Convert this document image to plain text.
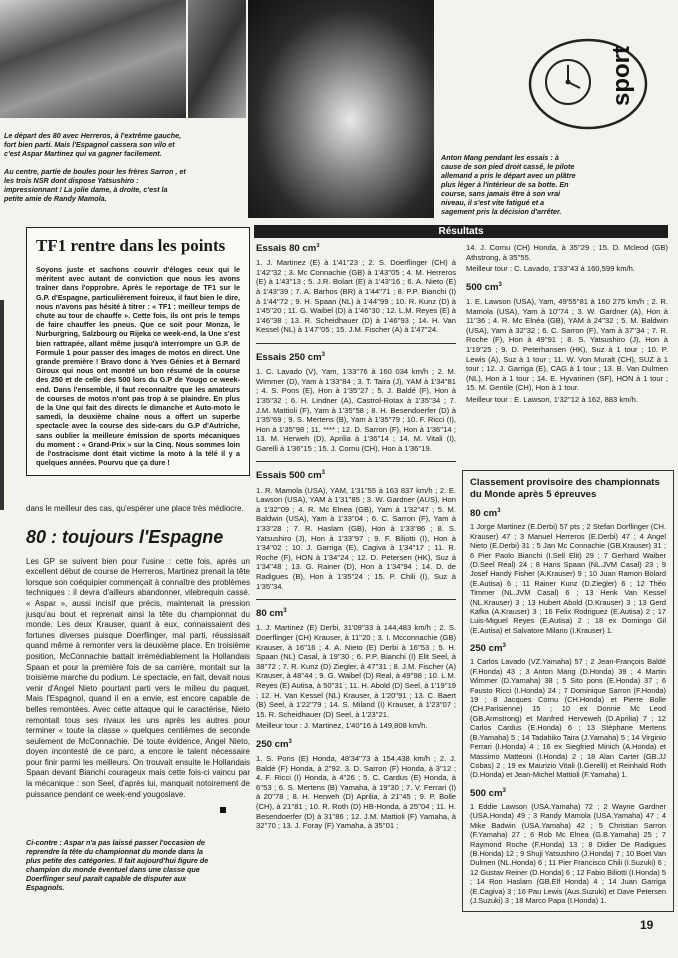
sport
Le départ des 80 avec Herreros, à l'extrême gauche,
fort bien parti. Mais l'Espagnol cassera son vilo et
c'est Aspar Martinez qui va gagner facilement.
Au centre, partie de boules pour les frères Sarron , et
les trois NSR dont dispose Yatsushiro :
impressionnant ! La jolie dame, à droite, c'est la
petite amie de Randy Mamola.
Anton Mang pendant les essais : à
cause de son pied droit cassé, le pilote
allemand a pris le départ avec un plâtre
plus léger à l'intérieur de sa botte. En
course, sans jamais être à son vrai
niveau, il s'est vite fatigué et a
sagement pris la décision d'arrêter.
TF1 rentre dans les points
Soyons juste et sachons couvrir d'éloges ceux qui le méritent avec autant de conviction que nous les avons traîner dans l'opprobre. Après le reportage de TF1 sur le G.P. d'Espagne, particulièrement foireux, il faut bien le dire, nous n'avons pas hésité à titrer : « TF1 : meilleur temps de chute au tour de chauffe ». Cette fois, ils ont pris le temps de faire chauffer les pneus. Que ce soit pour Monza, le Nurburgring, Salzbourg ou Rijeka ce week-end, la Une s'est bien rattrapée, allant même jusqu'à interrompre un G.P. de Formule 1 pour passer des images de motos en direct. Une grande première ! Bravo donc à Yves Génies et à Bernard Giroux qui nous ont montré un bon résumé de la course des 250 et de celle des 500 lors du G.P de Yougo ce week-end. Dans l'ensemble, il faut reconnaître que les amateurs de courses de motos n'ont pas trop à se plaindre. En plus de la Une qui fait des directs le dimanche et Auto-moto le samedi, la deuxième chaîne nous a offert un superbe spectacle avec la course des side-cars du G.P d'Autriche, sans oublier la meilleure émission de sports mécaniques du moment : « Grand-Prix » sur la Cinq. Nous sommes loin de l'ostracisme dont était victime la moto à la télé il y a quelques années. Pourvu que ça dure !
dans le meilleur des cas, qu'espérer une place très médiocre.
80 : toujours l'Espagne
Les GP se suivent bien pour l'usine : cette fois, après un excellent début de course de Herreros, Martinez prenait la tête lorsque son coéquipier commençait à connaître des problèmes techniques : il devra d'ailleurs abandonner, vilebrequin cassé. « Aspar », aussi incisif que précis, maintenait la pression jusqu'au bout et reprenait ainsi la tête du championnat du monde. Les deux Krauser, quant à eux, connaissaient des fortunes diverses puisque Doerflinger, mal parti, réussissait quand même à remonter vers la deuxième place. En troisième position, McConnachie battait irrémédiablement la Hollandais Spaan et pour la première fois de sa carrière, montait sur la troisième marche du podium. Le spectacle, en fait, devait nous venir d'Angel Nieto pourtant parti vers le milieu du paquet. Mais l'Espagnol, quand il en a envie, est encore capable de belles remontées. Avec cette attaque qui le caractérise, Nieto remontait tous ses rivaux les uns après les autres pour terminer « toute la classe » quelques centièmes de seconde seulement de McConnachie. De toute évidence, Angel Nieto, doyen incontesté de ce parc, a encore le talent nécessaire pour finir parmi les meilleurs. On trouvait ensuite le Hollandais Spaan devant Bianchi courageux mais cette fois-ci vaincu par la mécanique : son Seel, d'après lui, manquait notoirement de puissance pendant ce week-end yougoslave.
Ci-contre : Aspar n'a pas laissé passer l'occasion de
reprendre la tête du championnat du monde dans la
plus petite des catégories. Il fait aujourd'hui figure de
champion du monde éventuel dans une classe que
Doerflinger seul paraît capable de disputer aux
Espagnols.
Résultats
Essais 80 $cm^3$
1. J. Martinez (E) à 1'41''23 ; 2. S. Doerflinger (CH) à 1'42''32 ; 3. Mc Connachie (GB) à 1'43''05 ; 4. M. Herreros (E) à 1'43''13 ; 5. J.R. Bolart (E) à 1'43''16 ; 6. A. Nieto (E) à 1'43''39 ; 7. A. Barhos (BR) à 1'44''71 ; 8. P.P. Bianchi (I) à 1'44''72 ; 9. H. Spaan (NL) à 1'44''99 ; 10. R. Kunz (D) à 1'45''20 ; 11. G. Waibel (D) à 1'46''30 ; 12. L.M. Reyes (E) à 1'46''38 ; 13. R. Scheidhauer (D) à 1'46''93 ; 14. H. Van Kessel (NL) à 1'47''05 ; 15. J.M. Fischer (A) à 1'47''24.
Essais 250 $cm^3$
1. C. Lavado (V), Yam, 1'33''76 à 160 034 km/h ; 2. M. Wimmer (D), Yam à 1'33''84 ; 3. T. Taira (J), YAM à 1'34''81 ; 4. S. Pons (E), Hon à 1'35''27 ; 5. J. Baldé (F), Hon à 1'35''32 ; 6. H. Lindner (A), Castrol-Rotax à 1'35''34 ; 7. J.M. Mattioli (F), Yam à 1'35''58 ; 8. H. Besendoerfer (D) à 1'35''69 ; 9. S. Mertens (B), Yam à 1'35''79 ; 10. F. Ricci (I), Hon à 1'35''98 ; 11. **** ; 12. D. Sarron (F), Hon à 1'36''14 ; 13. M. Herweh (D), Aprilia à 1'36''14 ; 14. M. Vitali (I), Garelli à 1'36''15 ; 15. J. Cornu (CH), Hon à 1'36''19.
Essais 500 $cm^3$
1. R. Mamola (USA), YAM, 1'31''55 à 163 837 km/h ; 2. E. Lawson (USA), YAM à 1'31''85 ; 3. W. Gardner (AUS), Hon à 1'32''09 ; 4. R. Mc Elnea (GB), Yam à 1'32''47 ; 5. M. Baldwin (USA), Yam à 1'33''04 ; 6. C. Sarron (F), Yam à 1'33''28 ; 7. R. Haslam (GB), Hon à 1'33''86 ; 8. S. Yatsushiro (J), Hon à 1'33''97 ; 9. F. Biliotti (I), Hon à 1'34''02 ; 10. J. Garriga (E), Cagiva à 1'34''17 ; 11. R. Roche (F), HON à 1'34''24 ; 12. D. Petersen (HK), Suz à 1'34''48 ; 13. G. Rainer (D), Hon à 1'34''94 ; 14. D. de Radigues (B), Hon à 1'35''24 ; 15. P. Chili (I), Suz à 1'35''34.
80 $cm^3$
1. J. Martinez (E) Derbi, 31'09''33 à 144,483 km/h ; 2. S. Doerflinger (CH) Krauser, à 11''20 ; 3. I. Mcconnachie (GB) Krauser, à 16''16 ; 4. A. Nieto (E) Derbi à 16''53 ; 5. H. Spaan (NL) Casal, à 19''30 ; 6. P.P. Bianchi (I) Elit Seel, à 38''72 ; 7. R. Kunz (D) Ziegler, à 47''31 ; 8. J.M. Fischer (A) Krauser, à 48''44 ; 9. G. Waibel (D) Real, à 49''98 ; 10. L.M. Reyes (E) Autisa, à 50''31 ; 11. H. Abold (D) Seel, à 1'19''19 ; 12. H. Van Kessel (NL) Krauser, à 1'20''91 ; 13. C. Baert (B) Seel, à 1'22''79 ; 14. S. Miland (I) Krauser, à 1'23''07 ; 15. R. Scheidhauer (D) Seel, à 1'23''21.
Meilleur tour : J. Martinez, 1'40''16 à 149,808 km/h.
250 $cm^3$
1. S. Pons (E) Honda, 48'34''73 à 154,438 km/h ; 2. J. Baldé (F) Honda, à 2''92. 3. D. Sarron (F) Honda, à 3''12 ; 4. F. Ricci (I) Honda, à 4''26 ; 5. C. Cardus (E) Honda, à 6''53 ; 6. S. Mertens (B) Yamaha, à 19''30 ; 7. V. Ferrari (I) à 20''78 ; 8. H. Herweh (D) Aprilia, à 21''45 ; 9. P. Bolle (CH), à 21''81 ; 10. R. Roth (D) HB-Honda, à 25''04 ; 11. H. Besendoerfer (D) à 31''86 ; 12. J.M. Mattioli (F) Yamaha, à 32''70 ; 13. J. Foray (F) Yamaha, à 35''01 ;
14. J. Cornu (CH) Honda, à 35''29 ; 15. D. Mcleod (GB) Athstrong, à 35''55.
Meilleur tour : C. Lavado, 1'33''43 à 160,599 km/h.
500 $cm^3$
1. E. Lawson (USA), Yam, 49'55''81 à 160 275 km/h ; 2. R. Mamola (USA), Yam à 10''74 ; 3. W. Gardner (A), Hon à 11''36 ; 4. R. Mc Elnéa (GB), YAM à 24''32 ; 5. M. Baldwin (USA), Yam à 32''32 ; 6. C. Sarron (F), Yam à 37''34 ; 7. R. Roche (F), Hon à 49''91 ; 8. S. Yatsushiro (J), Hon à 1'19''25 ; 9. D. Peterhansen (HK), Suz à 1 tour ; 10. P. Lewis (A), Suz à 1 tour ; 11. W. Von Muralt (CH), SUZ à 1 tour ; 12. J. Garriga (E), CAG à 1 tour ; 13. B. Van Dulmen (NL), Hon à 1 tour ; 14. E. Hyvarinen (SF), HON à 1 tour ; 15. M. Gentile (CH), Hon à 1 tour.
Meilleur tour : E. Lawson, 1'32''12 à 162, 883 km/h.
Classement provisoire des championnats du Monde après 5 épreuves
80 $cm^3$
1 Jorge Martinez (E.Derbi) 57 pts ; 2 Stefan Dorflinger (CH. Krauser) 47 ; 3 Manuel Herreros (E.Derbi) 47 ; 4 Angel Nieto (E.Derbi) 31 ; 5 Jan Mc Connachie (GB.Krauser) 31 ; 6 Pier Paolo Bianchi (I.Sell Elit) 29 ; 7 Gerhard Waiber (D.Seel Real) 24 ; 8 Hans Spaan (NL.JVM Casal) 23 ; 9 Josef Handy Fisher (A.Krauser) 9 ; 10 Juan Ramon Bolard (E.Autisa) 6 ; 11 Rainer Kunz (D.Ziegler) 6 ; 12 Théo Timmer (NL.JVM Casal) 6 ; 13 Henk Van Kessel (NL.Krauser) 3 ; 13 Hubert Abold (D.Krauser) 3 ; 13 Gerd Kafka (A.Krauser) 3 ; 16 Felix Rodriguez (E.Autisa) 2 ; 17 Luis-Miguel Reyes (E.Autisa) 2 ; 18 ex Domingo Gil (E.Autisa) et Salvatore Milano (I.Krauser) 1.
250 $cm^3$
1 Carlos Lavado (VZ.Yamaha) 57 ; 2 Jean-François Baldé (F.Honda) 43 ; 3 Anton Mang (D.Honda) 39 ; 4 Martin Wimmer (D.Yamaha) 38 ; 5 Sito pons (E.Honda) 37 ; 6 Fausto Ricci (I.Honda) 24 ; 7 Dominique Sarron (F.Honda) 19 ; 8 Jacques Cornu (CH.Honda) et Pierre Bolle (CH.Parisienne) 15 ; 10 ex Donnie Mc Leod (GB.Armstrong) et Manfred Herveweh (D.Aprilia) 7 ; 12 Carlos Cardus (E.Honda) 6 ; 13 Stéphane Mertens (B.Yamaha) 5 ; 14 Tadahiko Taira (J.Yamaha) 5 ; 14 Virginio Ferrari (I.Honda) 4 ; 16 ex Siegfried Minich (A.Honda) et Massimo Matteoni (I.Honda) 2 ; 18 Alan Carter (GB.JJ Cobas) 2 ; 19 ex Maurizio Vitali (I.Gerelli) et Reinhald Roth (D.Honda) et Jean-Michel Mattioli (F.Yamaha) 1.
500 $cm^3$
1 Eddie Lawson (USA.Yamaha) 72 ; 2 Wayne Gardner (USA.Honda) 49 ; 3 Randy Mamola (USA.Yamaha) 47 ; 4 Mike Badwin (USA.Yamaha) 42 ; 5 Christian Sarron (F.Yamaha) 27 ; 6 Rob Mc Elnea (G.B.Yamaha) 25 ; 7 Raymond Roche (F.Honda) 13 ; 8 Didier De Radigues (B.Honda) 12 ; 9 Shuji Yatsushiro (J.Honda) 7 ; 10 Boet Van Dulmen (NL.Honda) 6 ; 11 Pier Francisco Chili (I.Suzuki) 6 ; 12 Gustav Reiner (D.Honda) 6 ; 12 Fabio Biliotti (I.Honda) 5 ; 14 Ron Haslam (GB.Elf Honda) 4 ; 14 Juan Garriga (E.Cagiva) 3 ; 16 Pau Lewis (Aus.Suzuki) et Dave Petersen (J.Suzuki) 3 ; 18 Marco Papa (I.Honda) 1.
19
